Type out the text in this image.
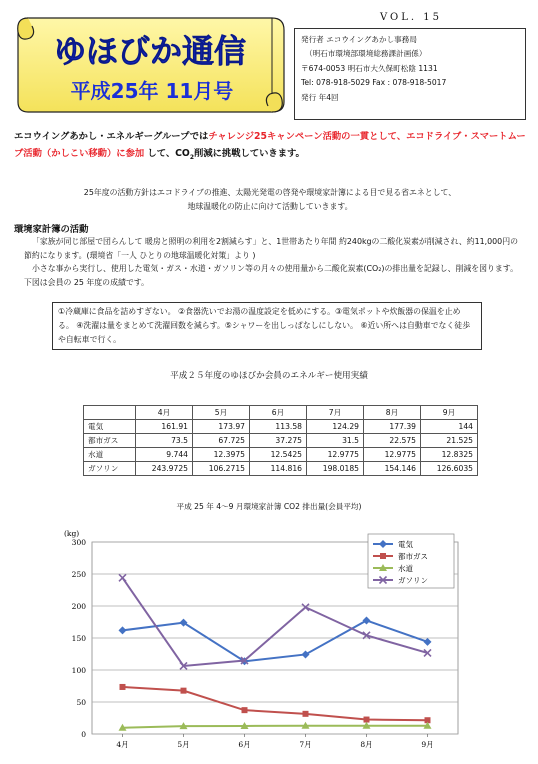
ゆほびか通信
平成25年 11月号
VOL. 15
発行者 エコウイングあかし事務局
（明石市環境部環境総務課計画係）
〒674-0053 明石市大久保町松陰 1131
Tel: 078-918-5029 Fax : 078-918-5017
発行 年4回
エコウイングあかし・エネルギーグループではチャレンジ25キャンペーン活動の一貫として、エコドライブ・スマートムーブ活動（かしこい移動）に参加 して、$CO_2$削減に挑戦していきます。
25年度の活動方針はエコドライブの推進、太陽光発電の啓発や環境家計簿による目で見る省エネとして、
地球温暖化の防止に向けて活動していきます。
環境家計簿の活動
「家族が同じ部屋で団らんして 暖房と照明の利用を2割減らす」と、1世帯あたり年間 約240kgの二酸化炭素が削減され、約11,000円の節約になります。(環境省「一人 ひとりの地球温暖化対策」より )
小さな事から実行し、使用した電気・ガス・水道・ガソリン等の月々の使用量から二酸化炭素(CO₂)の排出量を記録し、削減を図ります。 下図は会員の 25 年度の成績です。
①冷蔵庫に食品を詰めすぎない。 ②食器洗いでお湯の温度設定を低めにする。③電気ポットや炊飯器の保温を止める。 ④洗濯は量をまとめて洗濯回数を減らす。⑤シャワーを出しっぱなしにしない。 ⑥近い所へは自動車でなく徒歩や自転車で行く。
平成２５年度のゆほびか会員のエネルギー使用実績
	4月	5月	6月	7月	8月	9月
電気	161.91	173.97	113.58	124.29	177.39	144
都市ガス	73.5	67.725	37.275	31.5	22.575	21.525
水道	9.744	12.3975	12.5425	12.9775	12.9775	12.8325
ガソリン	243.9725	106.2715	114.816	198.0185	154.146	126.6035
平成 25 年 4～9 月環境家計簿 CO2 排出量(会員平均)
(kg)
0
50
100
150
200
250
300
4月	5月	6月	7月	8月	9月
電気
都市ガス
水道
ガソリン
